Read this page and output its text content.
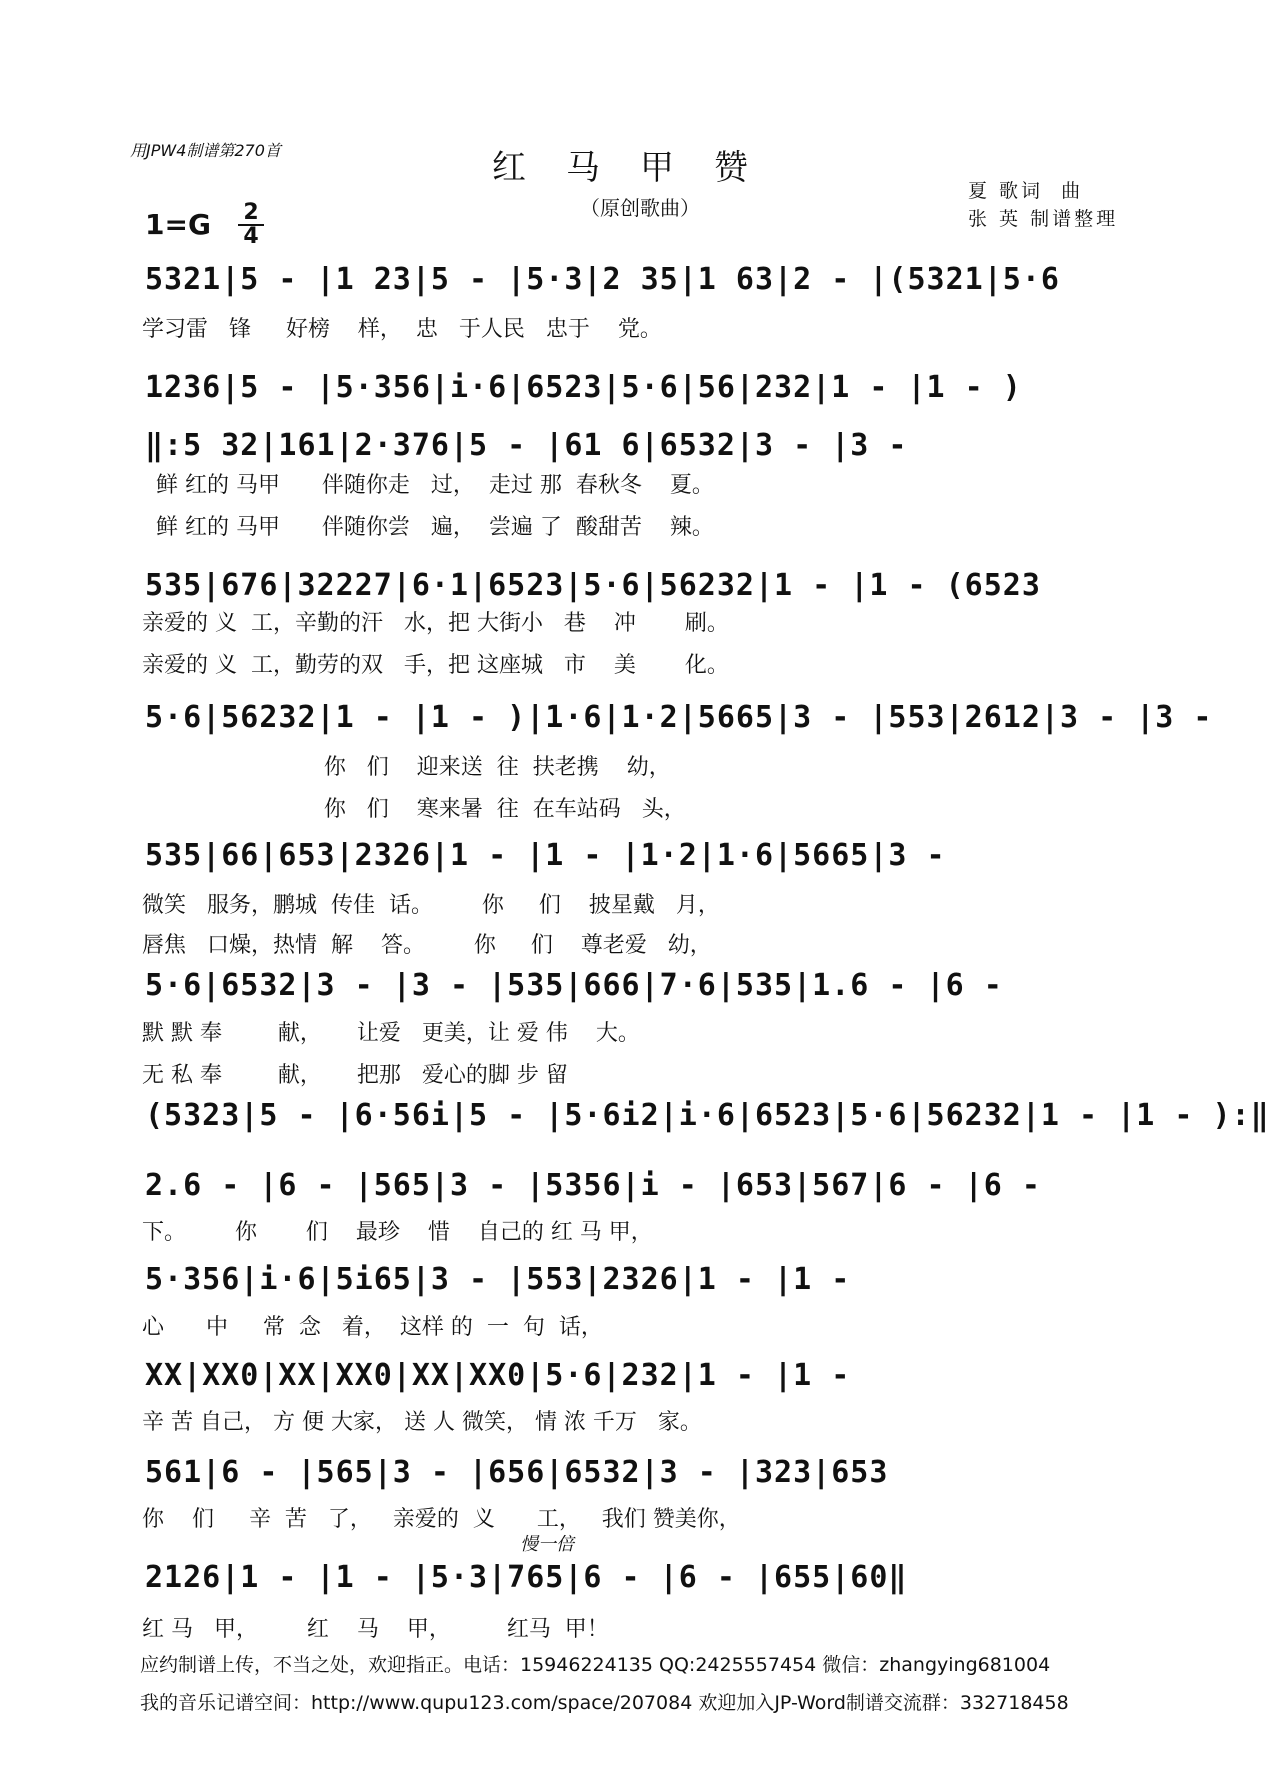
用JPW4制谱第270首	红马甲赞
（原创歌曲）
夏 歌词  曲
张 英 制谱整理
1=G 2
4
5321|5 - |1 23|5 - |5·3|2 35|1 63|2 - |(5321|5·6
学习雷   锋     好榜    样，  忠   于人民   忠于    党。
1236|5 - |5·356|i·6|6523|5·6|56|232|1 - |1 - )
‖:5 32|161|2·376|5 - |61 6|6532|3 - |3 -
鲜 红的 马甲      伴随你走   过，  走过 那  春秋冬    夏。
鲜 红的 马甲      伴随你尝   遍，  尝遍 了  酸甜苦    辣。
535|676|32227|6·1|6523|5·6|56232|1 - |1 - (6523
亲爱的 义  工，辛勤的汗   水，把 大街小   巷    冲       刷。
亲爱的 义  工，勤劳的双   手，把 这座城   市    美       化。
5·6|56232|1 - |1 - )|1·6|1·2|5665|3 - |553|2612|3 - |3 -
你   们    迎来送  往  扶老携    幼，
你   们    寒来暑  往  在车站码   头，
535|66|653|2326|1 - |1 - |1·2|1·6|5665|3 -
微笑   服务，鹏城  传佳  话。       你     们    披星戴   月，
唇焦   口燥，热情  解    答。       你     们    尊老爱   幼，
5·6|6532|3 - |3 - |535|666|7·6|535|1.6 - |6 -
默 默 奉        献，     让爱   更美，让 爱 伟    大。
无 私 奉        献，     把那   爱心的脚 步 留
(5323|5 - |6·56i|5 - |5·6i2|i·6|6523|5·6|56232|1 - |1 - ):‖
2.6 - |6 - |565|3 - |5356|i - |653|567|6 - |6 -
下。       你       们    最珍    惜    自己的 红 马 甲，
5·356|i·6|5i65|3 - |553|2326|1 - |1 -
心      中     常  念   着，  这样 的  一  句  话，
XX|XX0|XX|XX0|XX|XX0|5·6|232|1 - |1 -
辛 苦 自己， 方 便 大家， 送 人 微笑， 情 浓 千万   家。
561|6 - |565|3 - |656|6532|3 - |323|653
你    们     辛  苦   了，   亲爱的  义      工，   我们 赞美你，
2126|1 - |1 - |5·3|765|6 - |6 - |655|60‖
慢一倍
红 马   甲，       红    马    甲，        红马  甲！
应约制谱上传，不当之处，欢迎指正。电话：15946224135 QQ:2425557454 微信：zhangying681004
我的音乐记谱空间：http://www.qupu123.com/space/207084 欢迎加入JP-Word制谱交流群：332718458
